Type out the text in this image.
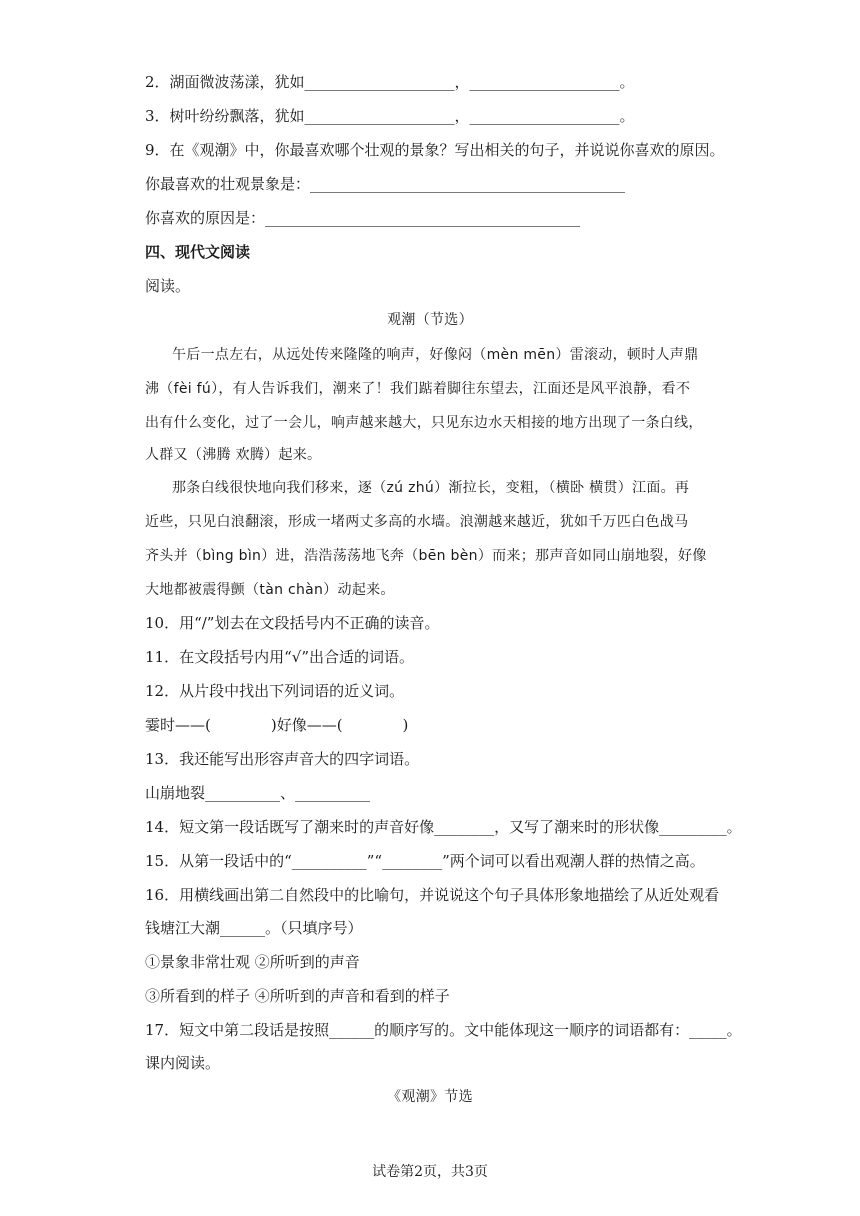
2．湖面微波荡漾，犹如____________________，____________________。
3．树叶纷纷飘落，犹如____________________，____________________。
9．在《观潮》中，你最喜欢哪个壮观的景象？写出相关的句子，并说说你喜欢的原因。
你最喜欢的壮观景象是：__________________________________________
你喜欢的原因是：__________________________________________
四、现代文阅读
阅读。
观潮（节选）
午后一点左右，从远处传来隆隆的响声，好像闷（mèn mēn）雷滚动，顿时人声鼎
沸（fèi fú），有人告诉我们，潮来了！我们踮着脚往东望去，江面还是风平浪静，看不
出有什么变化，过了一会儿，响声越来越大，只见东边水天相接的地方出现了一条白线，
人群又（沸腾 欢腾）起来。
那条白线很快地向我们移来，逐（zú zhú）渐拉长，变粗，（横卧 横贯）江面。再
近些，只见白浪翻滚，形成一堵两丈多高的水墙。浪潮越来越近，犹如千万匹白色战马
齐头并（bìng bìn）进，浩浩荡荡地飞奔（bēn bèn）而来；那声音如同山崩地裂，好像
大地都被震得颤（tàn chàn）动起来。
10．用“/”划去在文段括号内不正确的读音。
11．在文段括号内用“√”出合适的词语。
12．从片段中找出下列词语的近义词。
霎时——(　　　　)好像——(　　　　)
13．我还能写出形容声音大的四字词语。
山崩地裂__________、__________
14．短文第一段话既写了潮来时的声音好像________，又写了潮来时的形状像_________。
15．从第一段话中的“__________”“________”两个词可以看出观潮人群的热情之高。
16．用横线画出第二自然段中的比喻句，并说说这个句子具体形象地描绘了从近处观看
钱塘江大潮______。（只填序号）
①景象非常壮观 ②所听到的声音
③所看到的样子 ④所听到的声音和看到的样子
17．短文中第二段话是按照______的顺序写的。文中能体现这一顺序的词语都有：_____。
课内阅读。
《观潮》节选
试卷第2页，共3页
